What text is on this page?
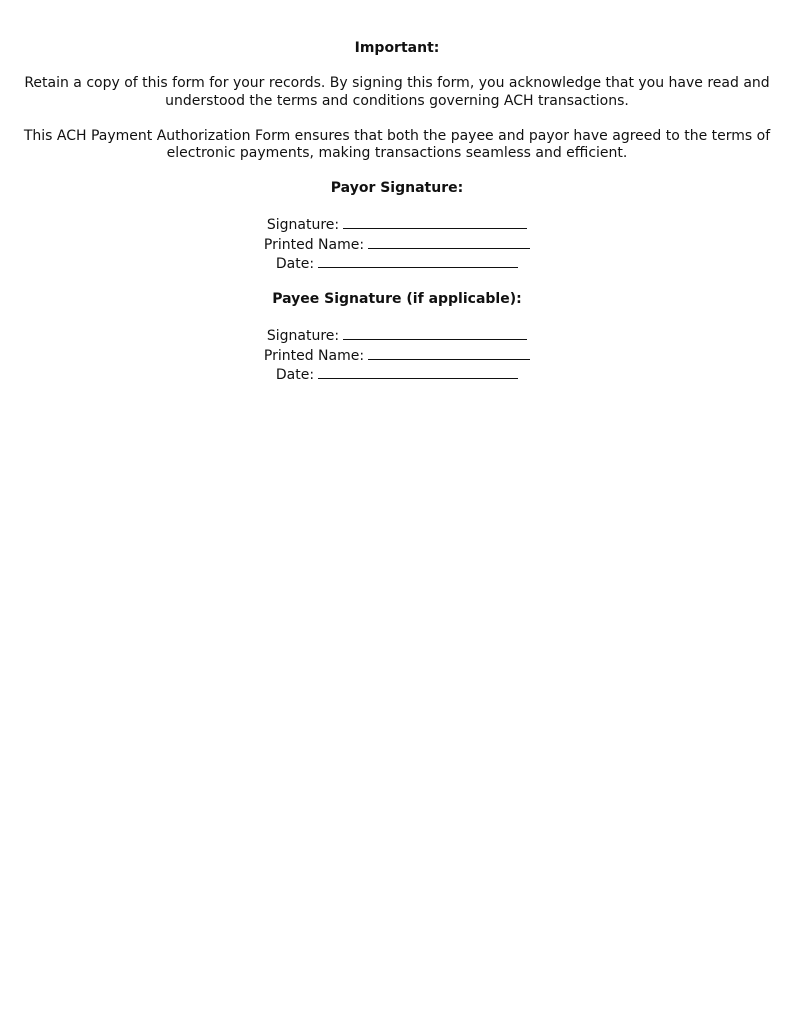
Important:

Retain a copy of this form for your records. By signing this form, you acknowledge that you have read and understood the terms and conditions governing ACH transactions.

This ACH Payment Authorization Form ensures that both the payee and payor have agreed to the terms of electronic payments, making transactions seamless and efficient.

Payor Signature:

Signature:

Printed Name:

Date:

Payee Signature (if applicable):

Signature:

Printed Name:

Date:
